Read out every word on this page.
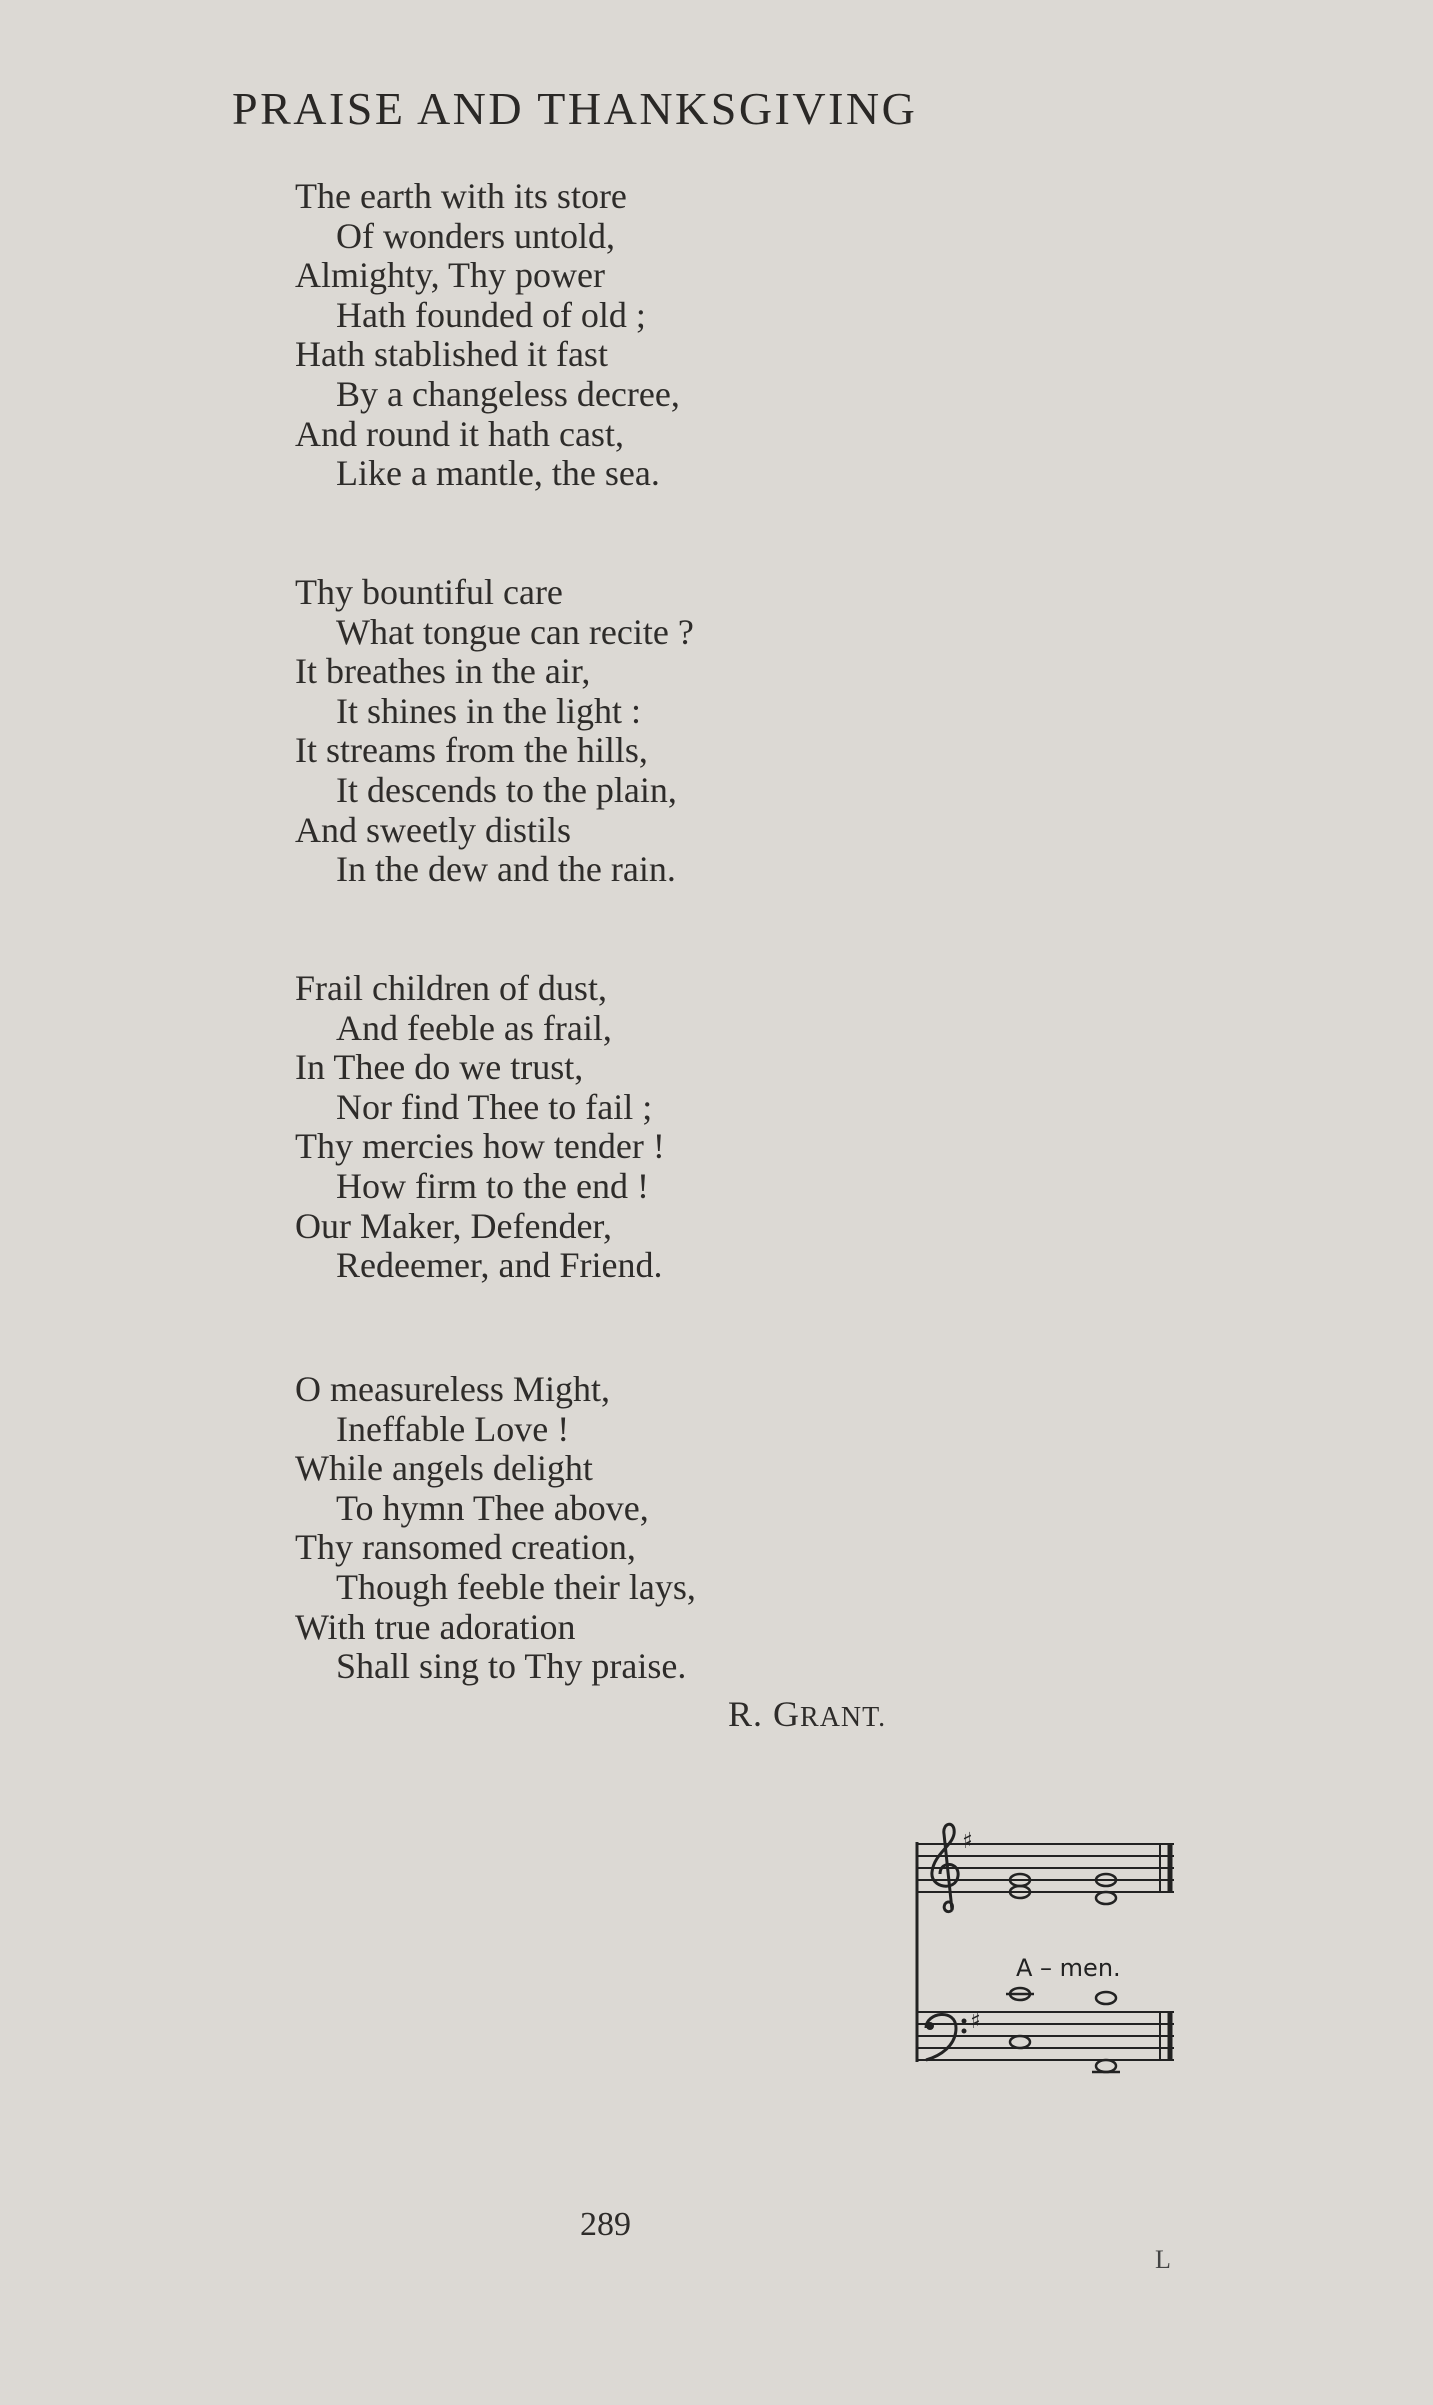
PRAISE AND THANKSGIVING
The earth with its store
Of wonders untold,
Almighty, Thy power
Hath founded of old ;
Hath stablished it fast
By a changeless decree,
And round it hath cast,
Like a mantle, the sea.
Thy bountiful care
What tongue can recite ?
It breathes in the air,
It shines in the light :
It streams from the hills,
It descends to the plain,
And sweetly distils
In the dew and the rain.
Frail children of dust,
And feeble as frail,
In Thee do we trust,
Nor find Thee to fail ;
Thy mercies how tender !
How firm to the end !
Our Maker, Defender,
Redeemer, and Friend.
O measureless Might,
Ineffable Love !
While angels delight
To hymn Thee above,
Thy ransomed creation,
Though feeble their lays,
With true adoration
Shall sing to Thy praise.
R. GRANT.
♯
♯
A – men.
289
L
